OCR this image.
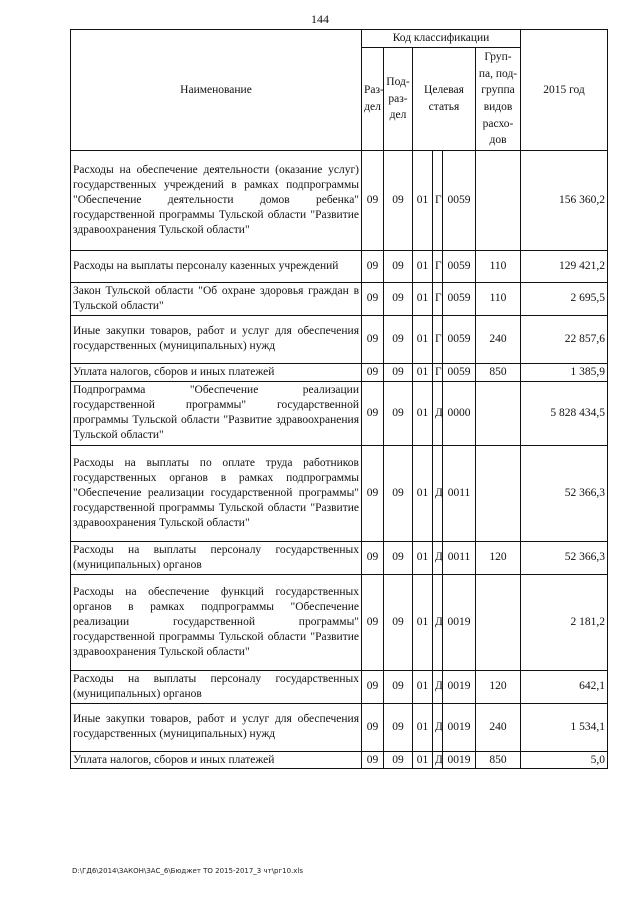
144
Наименование	Код классификации						2015 год
	Раз-дел	Под-раз-дел	Целевая статья			Груп-па, под-группа видов расхо-дов	
Расходы на обеспечение деятельности (оказание услуг) государственных учреждений в рамках подпрограммы "Обеспечение деятельности домов ребенка" государственной программы Тульской области "Развитие здравоохранения Тульской области"	09	09	01	Г	0059		156 360,2
Расходы на выплаты персоналу казенных учреждений	09	09	01	Г	0059	110	129 421,2
Закон Тульской области "Об охране здоровья граждан в Тульской области"	09	09	01	Г	0059	110	2 695,5
Иные закупки товаров, работ и услуг для обеспечения государственных (муниципальных) нужд	09	09	01	Г	0059	240	22 857,6
Уплата налогов, сборов и иных платежей	09	09	01	Г	0059	850	1 385,9
Подпрограмма "Обеспечение реализации государственной программы" государственной программы Тульской области "Развитие здравоохранения Тульской области"	09	09	01	Д	0000		5 828 434,5
Расходы на выплаты по оплате труда работников государственных органов в рамках подпрограммы "Обеспечение реализации государственной программы" государственной программы Тульской области "Развитие здравоохранения Тульской области"	09	09	01	Д	0011		52 366,3
Расходы на выплаты персоналу государственных (муниципальных) органов	09	09	01	Д	0011	120	52 366,3
Расходы на обеспечение функций государственных органов в рамках подпрограммы "Обеспечение реализации государственной программы" государственной программы Тульской области "Развитие здравоохранения Тульской области"	09	09	01	Д	0019		2 181,2
Расходы на выплаты персоналу государственных (муниципальных) органов	09	09	01	Д	0019	120	642,1
Иные закупки товаров, работ и услуг для обеспечения государственных (муниципальных) нужд	09	09	01	Д	0019	240	1 534,1
Уплата налогов, сборов и иных платежей	09	09	01	Д	0019	850	5,0
D:\ГД6\2014\ЗАКОН\ЗАС_6\Бюджет ТО 2015-2017_3 чт\рг10.xls
